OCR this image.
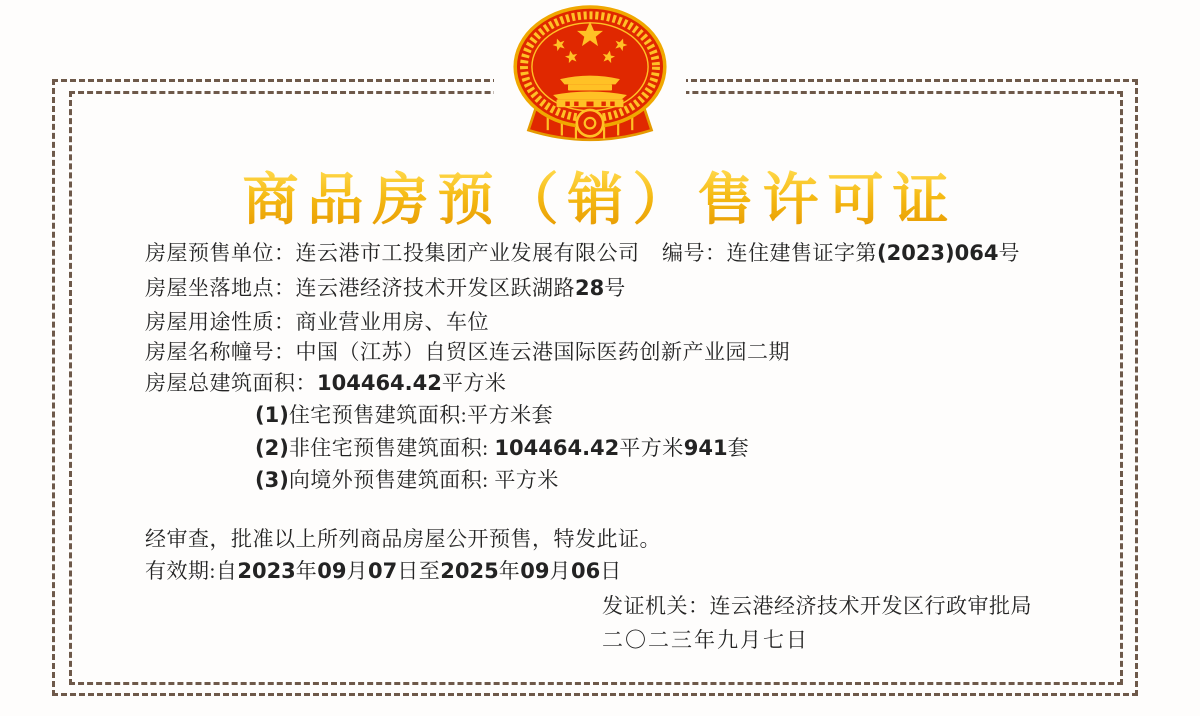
商品房预（销）售许可证
房屋预售单位：连云港市工投集团产业发展有限公司 编号：连住建售证字第(2023)064号
房屋坐落地点：连云港经济技术开发区跃湖路28号
房屋用途性质：商业营业用房、车位
房屋名称幢号：中国（江苏）自贸区连云港国际医药创新产业园二期
房屋总建筑面积：104464.42平方米
(1)住宅预售建筑面积:平方米套
(2)非住宅预售建筑面积: 104464.42平方米941套
(3)向境外预售建筑面积: 平方米
经审查，批准以上所列商品房屋公开预售，特发此证。
有效期:自2023年09月07日至2025年09月06日
发证机关：连云港经济技术开发区行政审批局
二〇二三年九月七日
